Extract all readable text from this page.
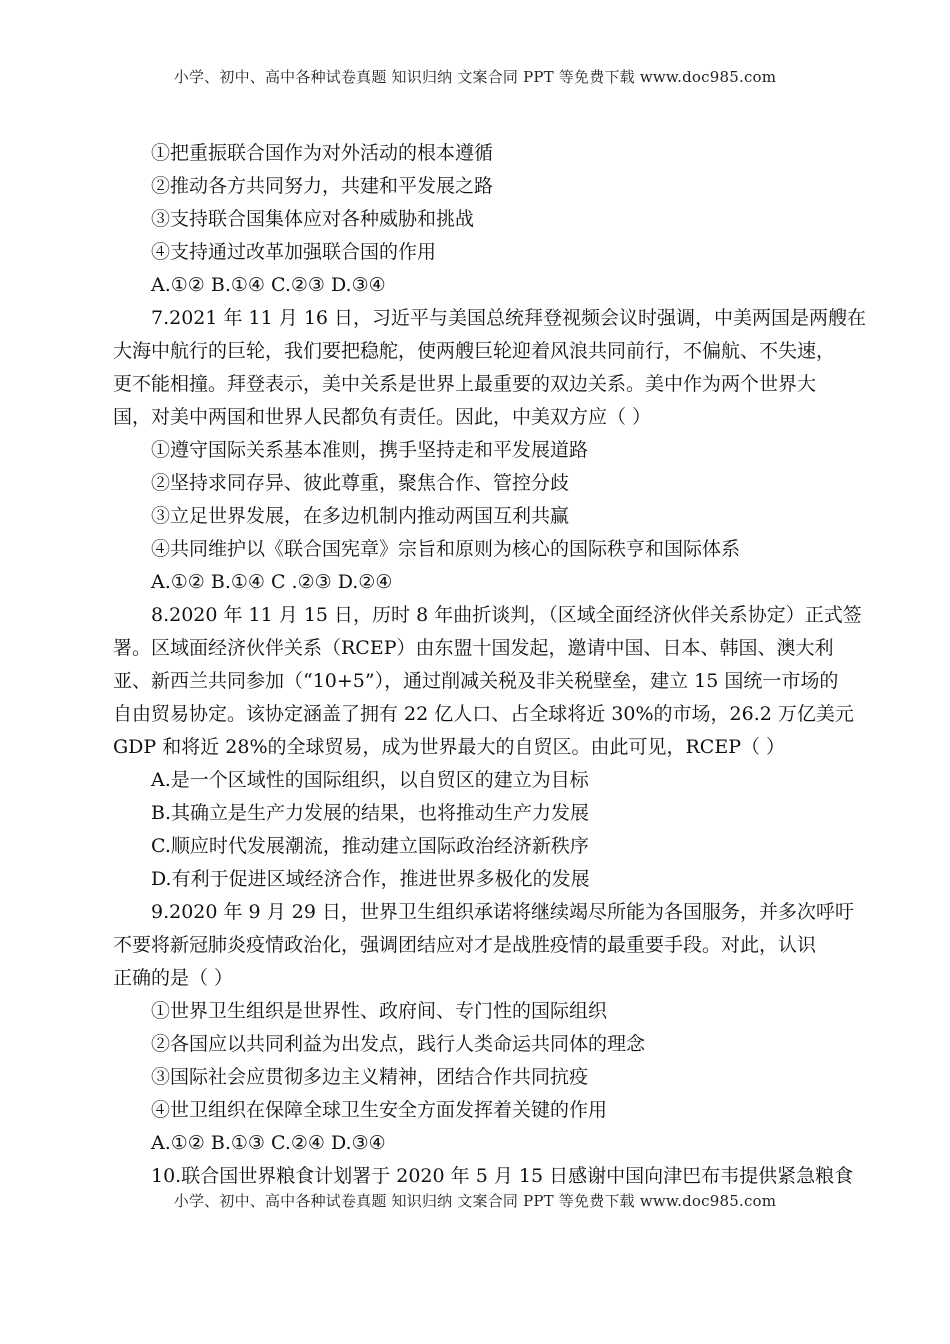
小学、初中、高中各种试卷真题 知识归纳 文案合同 PPT 等免费下载 www.doc985.com
①把重振联合国作为对外活动的根本遵循
②推动各方共同努力，共建和平发展之路
③支持联合国集体应对各种威胁和挑战
④支持通过改革加强联合国的作用
A.①② B.①④ C.②③ D.③④
7.2021 年 11 月 16 日，习近平与美国总统拜登视频会议时强调，中美两国是两艘在
大海中航行的巨轮，我们要把稳舵，使两艘巨轮迎着风浪共同前行，不偏航、不失速，
更不能相撞。拜登表示，美中关系是世界上最重要的双边关系。美中作为两个世界大
国，对美中两国和世界人民都负有责任。因此，中美双方应（ ）
①遵守国际关系基本准则，携手坚持走和平发展道路
②坚持求同存异、彼此尊重，聚焦合作、管控分歧
③立足世界发展，在多边机制内推动两国互利共赢
④共同维护以《联合国宪章》宗旨和原则为核心的国际秩亨和国际体系
A.①② B.①④ C .②③ D.②④
8.2020 年 11 月 15 日，历时 8 年曲折谈判，（区域全面经济伙伴关系协定）正式签
署。区域面经济伙伴关系（RCEP）由东盟十国发起，邀请中国、日本、韩国、澳大利
亚、新西兰共同参加（“10+5”），通过削减关税及非关税壁垒，建立 15 国统一市场的
自由贸易协定。该协定涵盖了拥有 22 亿人口、占全球将近 30%的市场，26.2 万亿美元
GDP 和将近 28%的全球贸易，成为世界最大的自贸区。由此可见，RCEP（ ）
A.是一个区域性的国际组织，以自贸区的建立为目标
B.其确立是生产力发展的结果，也将推动生产力发展
C.顺应时代发展潮流，推动建立国际政治经济新秩序
D.有利于促进区域经济合作，推进世界多极化的发展
9.2020 年 9 月 29 日，世界卫生组织承诺将继续竭尽所能为各国服务，并多次呼吁
不要将新冠肺炎疫情政治化，强调团结应对才是战胜疫情的最重要手段。对此，认识
正确的是（ ）
①世界卫生组织是世界性、政府间、专门性的国际组织
②各国应以共同利益为出发点，践行人类命运共同体的理念
③国际社会应贯彻多边主义精神，团结合作共同抗疫
④世卫组织在保障全球卫生安全方面发挥着关键的作用
A.①② B.①③ C.②④ D.③④
10.联合国世界粮食计划署于 2020 年 5 月 15 日感谢中国向津巴布韦提供紧急粮食
小学、初中、高中各种试卷真题 知识归纳 文案合同 PPT 等免费下载 www.doc985.com
